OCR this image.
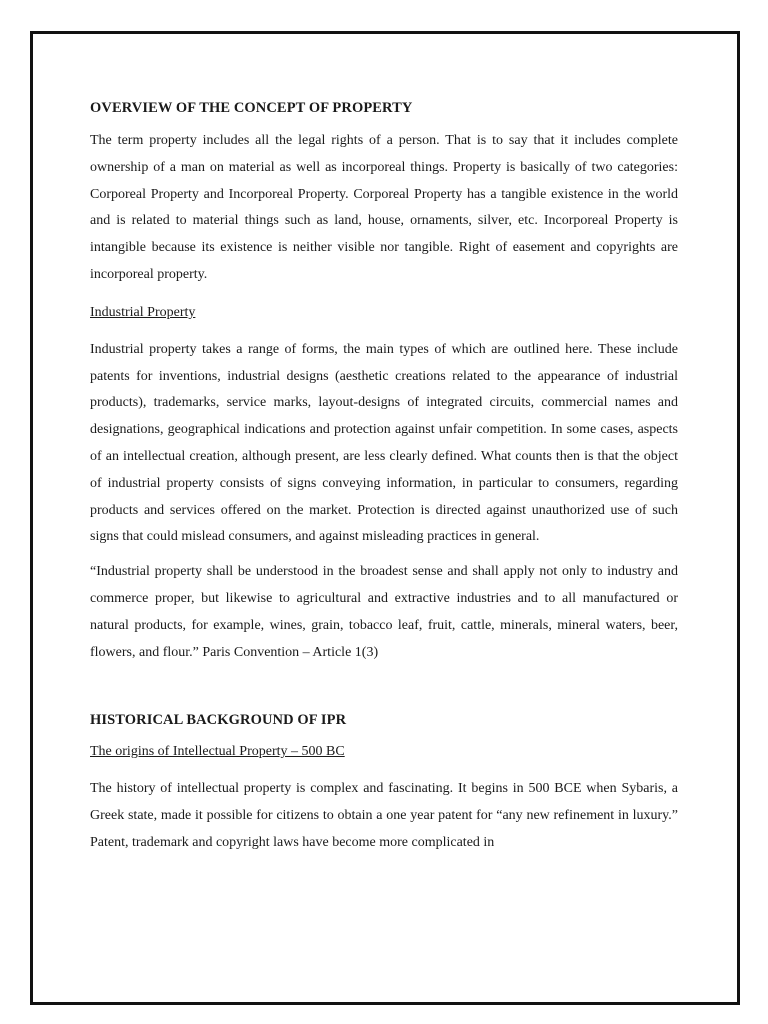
OVERVIEW OF THE CONCEPT OF PROPERTY

The term property includes all the legal rights of a person. That is to say that it includes complete ownership of a man on material as well as incorporeal things. Property is basically of two categories: Corporeal Property and Incorporeal Property. Corporeal Property has a tangible existence in the world and is related to material things such as land, house, ornaments, silver, etc. Incorporeal Property is intangible because its existence is neither visible nor tangible. Right of easement and copyrights are incorporeal property.

Industrial Property

Industrial property takes a range of forms, the main types of which are outlined here. These include patents for inventions, industrial designs (aesthetic creations related to the appearance of industrial products), trademarks, service marks, layout-designs of integrated circuits, commercial names and designations, geographical indications and protection against unfair competition. In some cases, aspects of an intellectual creation, although present, are less clearly defined. What counts then is that the object of industrial property consists of signs conveying information, in particular to consumers, regarding products and services offered on the market. Protection is directed against unauthorized use of such signs that could mislead consumers, and against misleading practices in general.

“Industrial property shall be understood in the broadest sense and shall apply not only to industry and commerce proper, but likewise to agricultural and extractive industries and to all manufactured or natural products, for example, wines, grain, tobacco leaf, fruit, cattle, minerals, mineral waters, beer, flowers, and flour.” Paris Convention – Article 1(3)

HISTORICAL BACKGROUND OF IPR
The origins of Intellectual Property – 500 BC

The history of intellectual property is complex and fascinating. It begins in 500 BCE when Sybaris, a Greek state, made it possible for citizens to obtain a one year patent for “any new refinement in luxury.” Patent, trademark and copyright laws have become more complicated in
